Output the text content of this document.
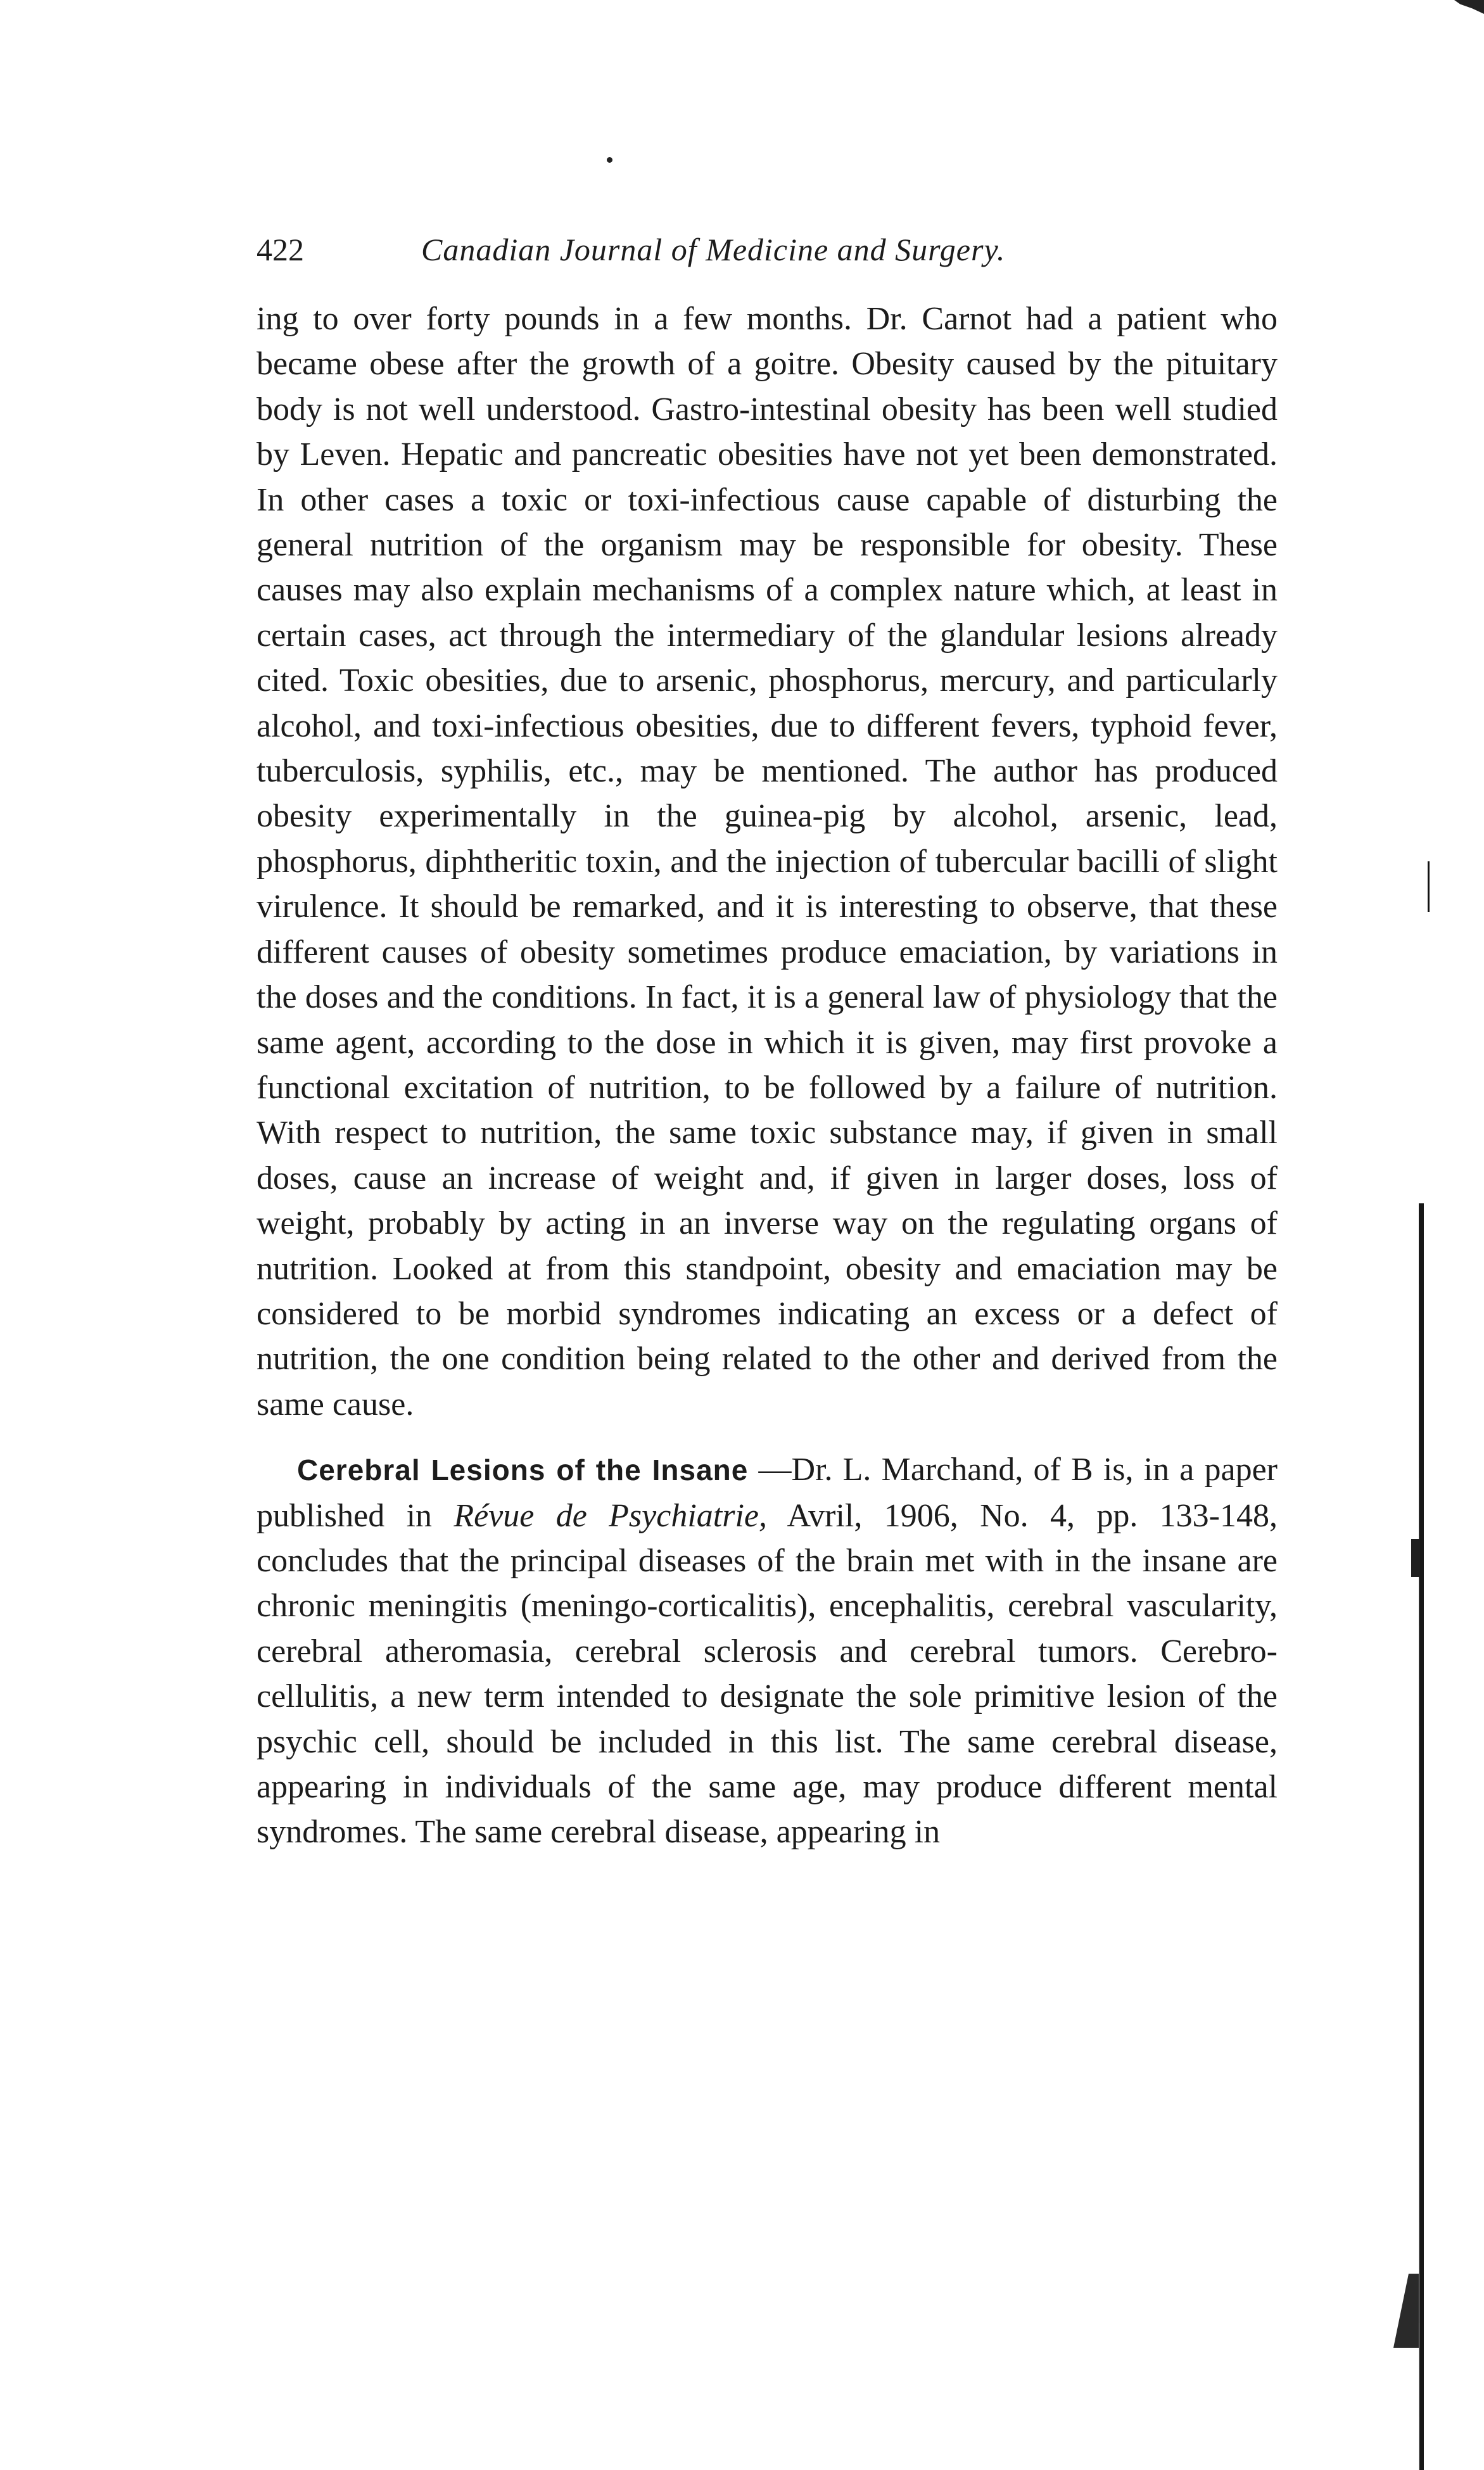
422	Canadian Journal of Medicine and Surgery.

ing to over forty pounds in a few months. Dr. Carnot had a patient who became obese after the growth of a goitre. Obesity caused by the pituitary body is not well understood. Gastro-intestinal obesity has been well studied by Leven. Hepatic and pancreatic obesities have not yet been demonstrated. In other cases a toxic or toxi-infectious cause capable of disturbing the general nutrition of the organism may be responsible for obesity. These causes may also explain mechanisms of a complex nature which, at least in certain cases, act through the intermediary of the glandular lesions already cited. Toxic obesities, due to arsenic, phosphorus, mercury, and particularly alcohol, and toxi-infectious obesities, due to different fevers, typhoid fever, tuberculosis, syphilis, etc., may be mentioned. The author has produced obesity experimentally in the guinea-pig by alcohol, arsenic, lead, phosphorus, diphtheritic toxin, and the injection of tubercular bacilli of slight virulence. It should be remarked, and it is interesting to observe, that these different causes of obesity sometimes produce emaciation, by variations in the doses and the conditions. In fact, it is a general law of physiology that the same agent, according to the dose in which it is given, may first provoke a functional excitation of nutrition, to be followed by a failure of nutrition. With respect to nutrition, the same toxic substance may, if given in small doses, cause an increase of weight and, if given in larger doses, loss of weight, probably by acting in an inverse way on the regulating organs of nutrition. Looked at from this standpoint, obesity and emaciation may be considered to be morbid syndromes indicating an excess or a defect of nutrition, the one condition being related to the other and derived from the same cause.

Cerebral Lesions of the Insane —Dr. L. Marchand, of B is, in a paper published in Révue de Psychiatrie, Avril, 1906, No. 4, pp. 133-148, concludes that the principal diseases of the brain met with in the insane are chronic meningitis (meningo-corticalitis), encephalitis, cerebral vascularity, cerebral atheromasia, cerebral sclerosis and cerebral tumors. Cerebro-cellulitis, a new term intended to designate the sole primitive lesion of the psychic cell, should be included in this list. The same cerebral disease, appearing in individuals of the same age, may produce different mental syndromes. The same cerebral disease, appearing in
